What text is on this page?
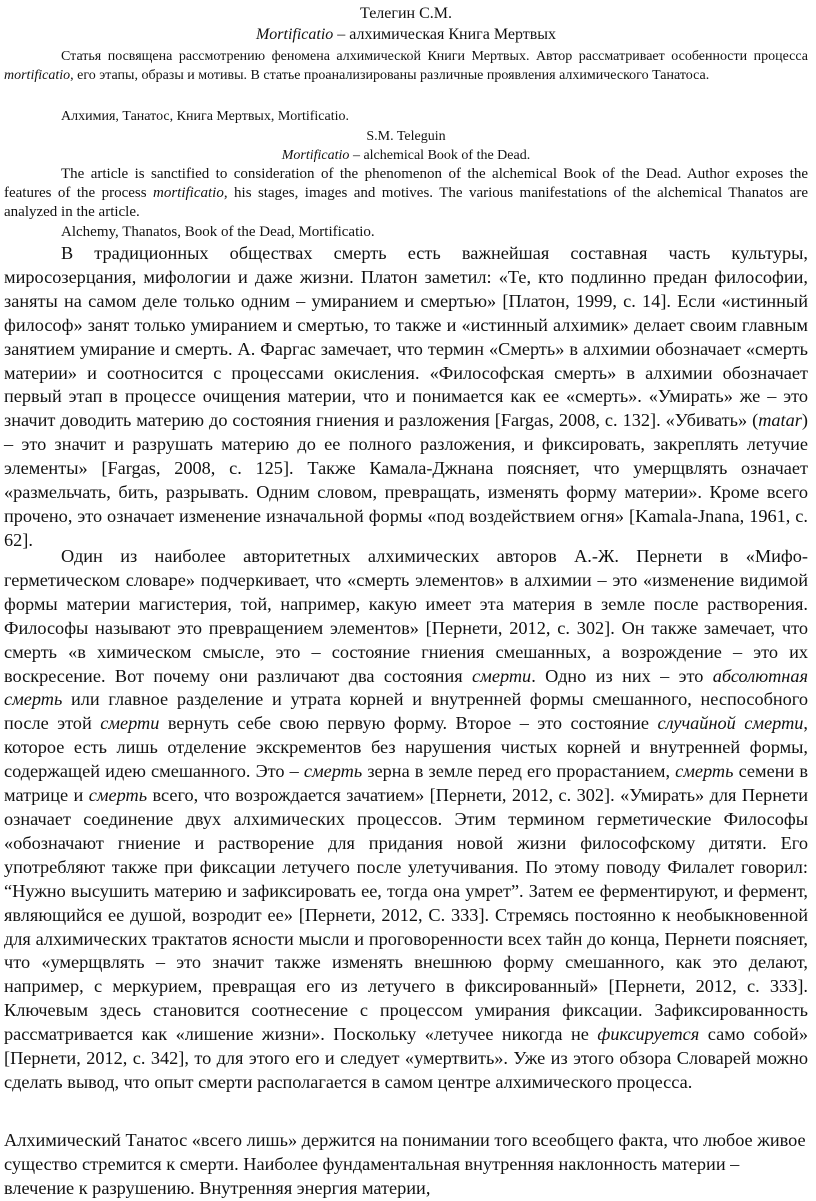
Телегин С.М.
Mortificatio – алхимическая Книга Мертвых

Статья посвящена рассмотрению феномена алхимической Книги Мертвых. Автор рассматривает особенности процесса mortificatio, его этапы, образы и мотивы. В статье проанализированы различные проявления алхимического Танатоса.

Алхимия, Танатос, Книга Мертвых, Mortificatio.

S.M. Teleguin
Mortificatio – alchemical Book of the Dead.

The article is sanctified to consideration of the phenomenon of the alchemical Book of the Dead. Author exposes the features of the process mortificatio, his stages, images and motives. The various manifestations of the alchemical Thanatos are analyzed in the article.

Alchemy, Thanatos, Book of the Dead, Mortificatio.

В традиционных обществах смерть есть важнейшая составная часть культуры, миросозерцания, мифологии и даже жизни. Платон заметил: «Те, кто подлинно предан философии, заняты на самом деле только одним – умиранием и смертью» [Платон, 1999, с. 14]. Если «истинный философ» занят только умиранием и смертью, то также и «истинный алхимик» делает своим главным занятием умирание и смерть. А. Фаргас замечает, что термин «Смерть» в алхимии обозначает «смерть материи» и соотносится с процессами окисления. «Философская смерть» в алхимии обозначает первый этап в процессе очищения материи, что и понимается как ее «смерть». «Умирать» же – это значит доводить материю до состояния гниения и разложения [Fargas, 2008, с. 132]. «Убивать» (matar) – это значит и разрушать материю до ее полного разложения, и фиксировать, закреплять летучие элементы» [Fargas, 2008, с. 125]. Также Камала-Джнана поясняет, что умерщвлять означает «размельчать, бить, разрывать. Одним словом, превращать, изменять форму материи». Кроме всего прочено, это означает изменение изначальной формы «под воздействием огня» [Kamala-Jnana, 1961, с. 62].

Один из наиболее авторитетных алхимических авторов А.-Ж. Пернети в «Мифо-герметическом словаре» подчеркивает, что «смерть элементов» в алхимии – это «изменение видимой формы материи магистерия, той, например, какую имеет эта материя в земле после растворения. Философы называют это превращением элементов» [Пернети, 2012, с. 302]. Он также замечает, что смерть «в химическом смысле, это – состояние гниения смешанных, а возрождение – это их воскресение. Вот почему они различают два состояния смерти. Одно из них – это абсолютная смерть или главное разделение и утрата корней и внутренней формы смешанного, неспособного после этой смерти вернуть себе свою первую форму. Второе – это состояние случайной смерти, которое есть лишь отделение экскрементов без нарушения чистых корней и внутренней формы, содержащей идею смешанного. Это – смерть зерна в земле перед его прорастанием, смерть семени в матрице и смерть всего, что возрождается зачатием» [Пернети, 2012, с. 302]. «Умирать» для Пернети означает соединение двух алхимических процессов. Этим термином герметические Философы «обозначают гниение и растворение для придания новой жизни философскому дитяти. Его употребляют также при фиксации летучего после улетучивания. По этому поводу Филалет говорил: “Нужно высушить материю и зафиксировать ее, тогда она умрет”. Затем ее ферментируют, и фермент, являющийся ее душой, возродит ее» [Пернети, 2012, С. 333]. Стремясь постоянно к необыкновенной для алхимических трактатов ясности мысли и проговоренности всех тайн до конца, Пернети поясняет, что «умерщвлять – это значит также изменять внешнюю форму смешанного, как это делают, например, с меркурием, превращая его из летучего в фиксированный» [Пернети, 2012, с. 333]. Ключевым здесь становится соотнесение с процессом умирания фиксации. Зафиксированность рассматривается как «лишение жизни». Поскольку «летучее никогда не фиксируется само собой» [Пернети, 2012, с. 342], то для этого его и следует «умертвить». Уже из этого обзора Словарей можно сделать вывод, что опыт смерти располагается в самом центре алхимического процесса.

Алхимический Танатос «всего лишь» держится на понимании того всеобщего факта, что любое живое существо стремится к смерти. Наиболее фундаментальная внутренняя наклонность материи – влечение к разрушению. Внутренняя энергия материи,
